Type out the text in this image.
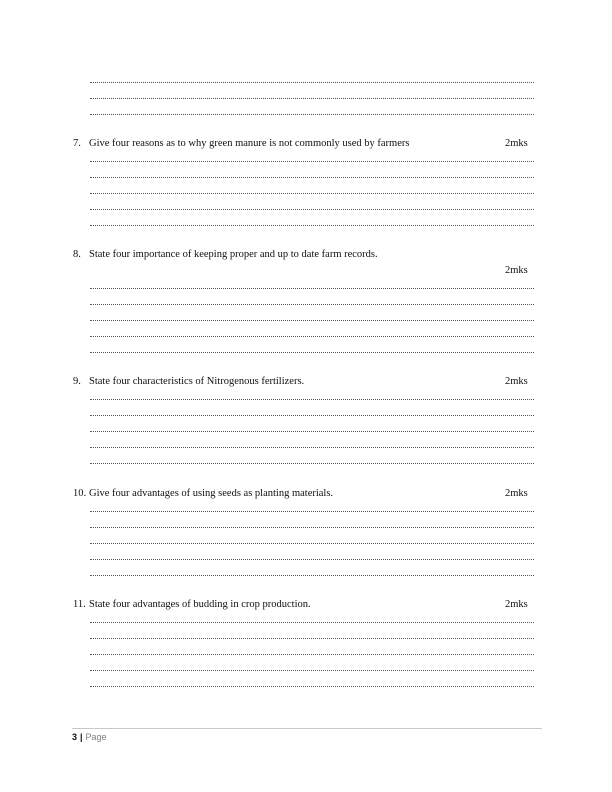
7. Give four reasons as to why green manure is not commonly used by farmers	2mks
8. State four importance of keeping proper and up to date farm records.
2mks
9. State four characteristics of Nitrogenous fertilizers.	2mks
10. Give four advantages of using seeds as planting materials.	2mks
11. State four advantages of budding in crop production.	2mks
3 | Page
